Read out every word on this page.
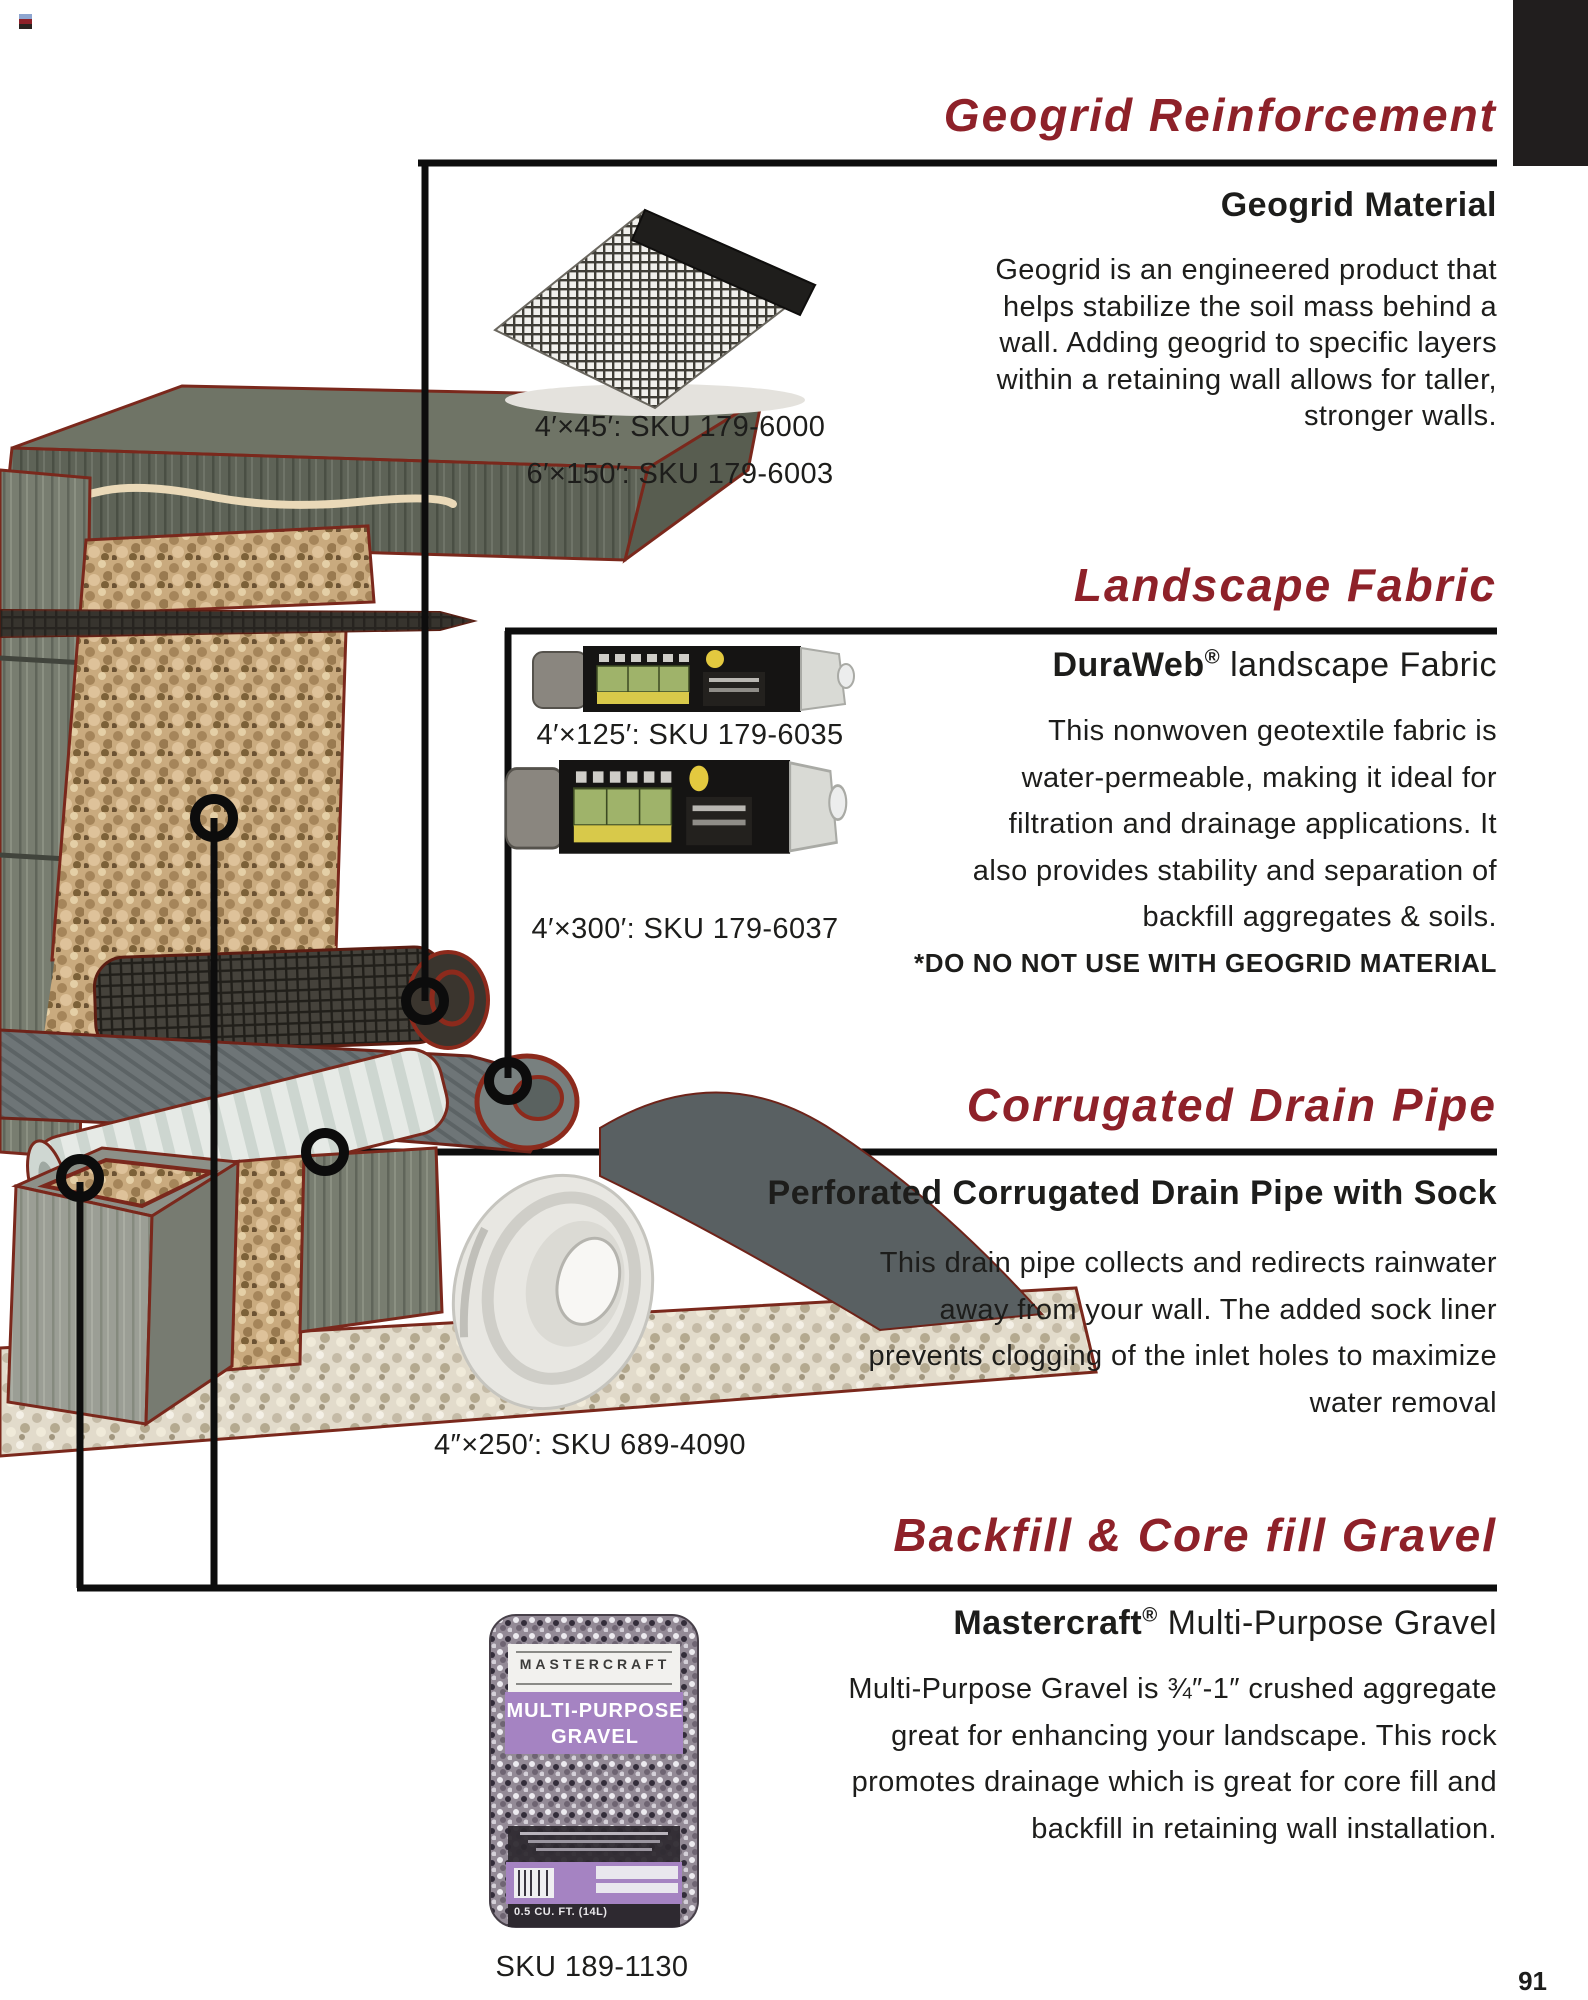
Geogrid Reinforcement
Geogrid Material
Geogrid is an engineered product that
helps stabilize the soil mass behind a
wall. Adding geogrid to specific layers
within a retaining wall allows for taller,
stronger walls.
4′×45′: SKU 179-6000
6′×150′: SKU 179-6003
Landscape Fabric
DuraWeb® landscape Fabric
This nonwoven geotextile fabric is
water-permeable, making it ideal for
filtration and drainage applications. It
also provides stability and separation of
backfill aggregates & soils.
*DO NO NOT USE WITH GEOGRID MATERIAL
4′×125′: SKU 179-6035
4′×300′: SKU 179-6037
Corrugated Drain Pipe
Perforated Corrugated Drain Pipe with Sock
This drain pipe collects and redirects rainwater
away from your wall. The added sock liner
prevents clogging of the inlet holes to maximize
water removal
4″×250′: SKU 689-4090
Backfill & Core fill Gravel
Mastercraft® Multi-Purpose Gravel
Multi-Purpose Gravel is ¾″-1″ crushed aggregate
great for enhancing your landscape. This rock
promotes drainage which is great for core fill and
backfill in retaining wall installation.
SKU 189-1130
MASTERCRAFT
MULTI-PURPOSE
GRAVEL
0.5 CU. FT. (14L)
91
